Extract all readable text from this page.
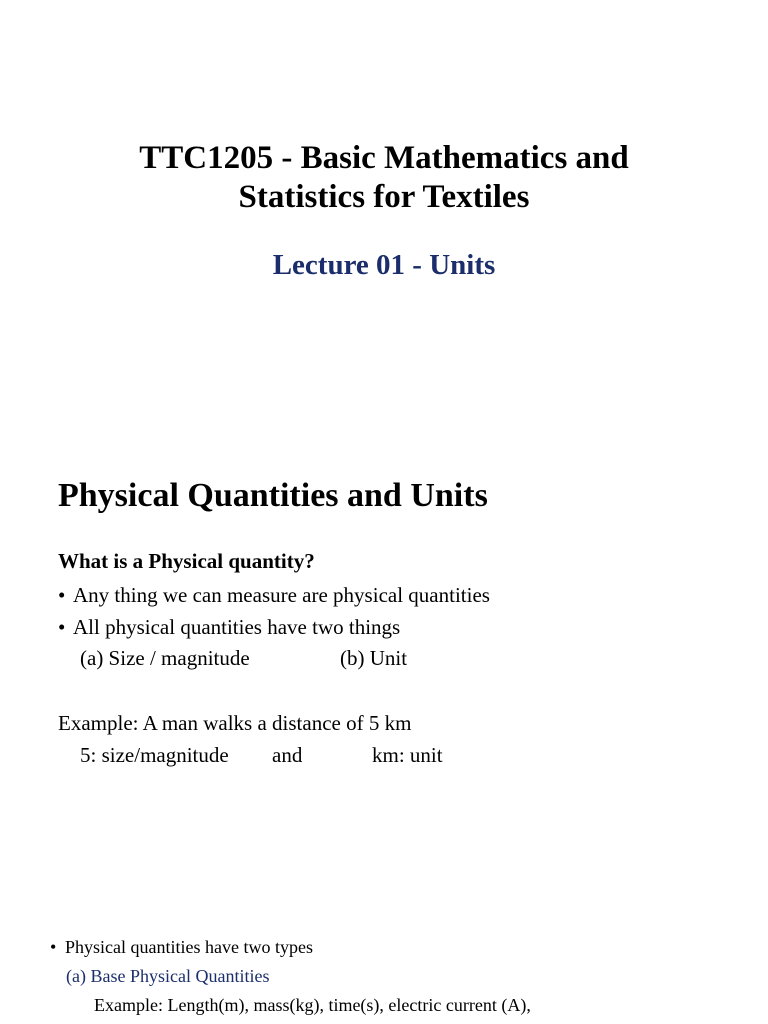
TTC1205 - Basic Mathematics and
Statistics for Textiles
Lecture 01 - Units
Physical Quantities and Units
What is a Physical quantity?
• Any thing we can measure are physical quantities
• All physical quantities have two things
(a) Size / magnitude	(b) Unit
Example: A man walks a distance of 5 km
5: size/magnitude and	km: unit
• Physical quantities have two types
(a) Base Physical Quantities
Example: Length(m), mass(kg), time(s), electric current (A),
